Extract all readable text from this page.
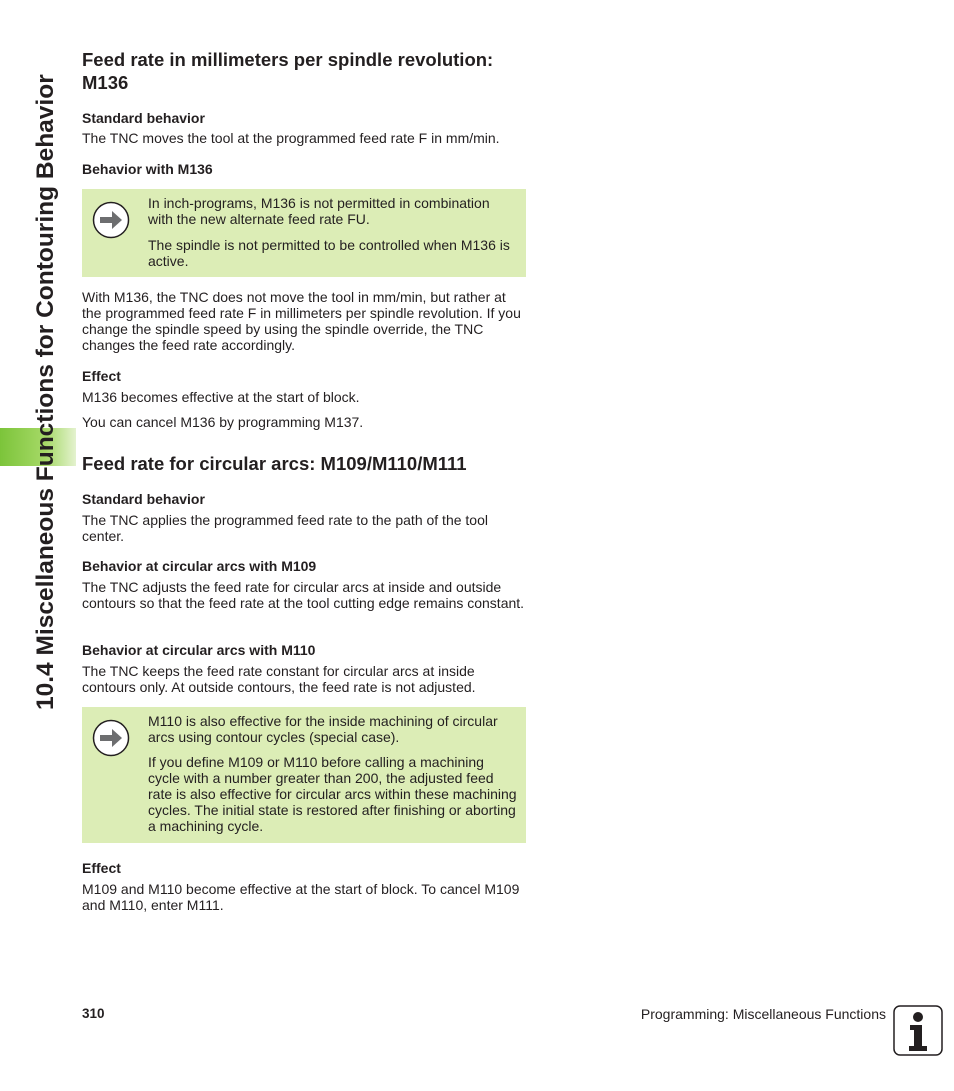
10.4 Miscellaneous Functions for Contouring Behavior
Feed rate in millimeters per spindle revolution: M136
Standard behavior
The TNC moves the tool at the programmed feed rate F in mm/min.
Behavior with M136
In inch-programs, M136 is not permitted in combination with the new alternate feed rate FU.
The spindle is not permitted to be controlled when M136 is active.
With M136, the TNC does not move the tool in mm/min, but rather at the programmed feed rate F in millimeters per spindle revolution. If you change the spindle speed by using the spindle override, the TNC changes the feed rate accordingly.
Effect
M136 becomes effective at the start of block.
You can cancel M136 by programming M137.
Feed rate for circular arcs: M109/M110/M111
Standard behavior
The TNC applies the programmed feed rate to the path of the tool center.
Behavior at circular arcs with M109
The TNC adjusts the feed rate for circular arcs at inside and outside contours so that the feed rate at the tool cutting edge remains constant.
Behavior at circular arcs with M110
The TNC keeps the feed rate constant for circular arcs at inside contours only. At outside contours, the feed rate is not adjusted.
M110 is also effective for the inside machining of circular arcs using contour cycles (special case).
If you define M109 or M110 before calling a machining cycle with a number greater than 200, the adjusted feed rate is also effective for circular arcs within these machining cycles. The initial state is restored after finishing or aborting a machining cycle.
Effect
M109 and M110 become effective at the start of block. To cancel M109 and M110, enter M111.
310	Programming: Miscellaneous Functions
